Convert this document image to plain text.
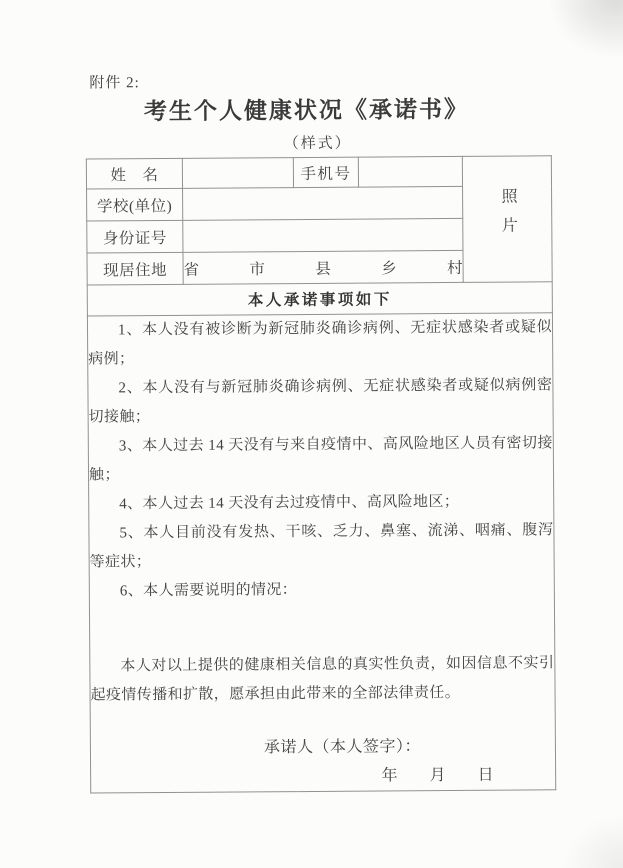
附件 2:
考生个人健康状况《承诺书》
（样式）
姓　名		手机号		照片
学校(单位)				
身份证号				
现居住地	省 市 县 乡 村			

本人承诺事项如下				

1、本人没有被诊断为新冠肺炎确诊病例、无症状感染者或疑似病例；

2、本人没有与新冠肺炎确诊病例、无症状感染者或疑似病例密切接触；

3、本人过去 14 天没有与来自疫情中、高风险地区人员有密切接触；

4、本人过去 14 天没有去过疫情中、高风险地区；

5、本人目前没有发热、干咳、乏力、鼻塞、流涕、咽痛、腹泻等症状；

6、本人需要说明的情况：

本人对以上提供的健康相关信息的真实性负责，如因信息不实引起疫情传播和扩散，愿承担由此带来的全部法律责任。

承诺人（本人签字）：
年 月 日
